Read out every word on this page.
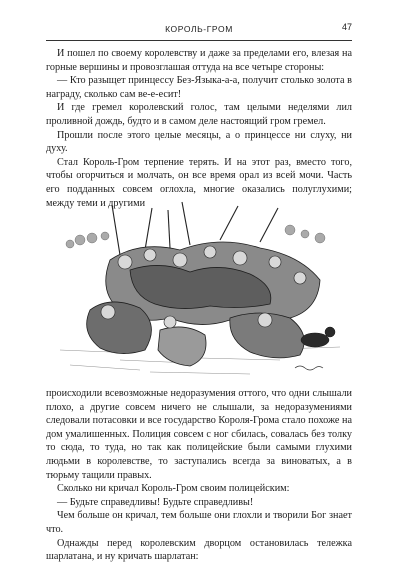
КОРОЛЬ-ГРОМ	47

И пошел по своему королевству и даже за пределами его, влезая на горные вершины и провозглашая оттуда на все четыре стороны:

— Кто разыщет принцессу Без-Языка-а-а, получит столько золота в награду, сколько сам ве-е-есит!

И где гремел королевский голос, там целыми неделями лил проливной дождь, будто и в самом деле настоящий гром гремел.

Прошли после этого целые месяцы, а о принцессе ни слуху, ни духу.

Стал Король-Гром терпение терять. И на этот раз, вместо того, чтобы огорчиться и молчать, он все время орал из всей мочи. Часть его подданных совсем оглохла, многие оказались полуглухими; между теми и другими

происходили всевозможные недоразумения оттого, что одни слышали плохо, а другие совсем ничего не слышали, за недоразумениями следовали потасовки и все государство Короля-Грома стало похоже на дом умалишенных. Полиция совсем с ног сбилась, совалась без толку то сюда, то туда, но так как полицейские были самыми глухими людьми в королевстве, то заступались всегда за виноватых, а в тюрьму тащили правых.

Сколько ни кричал Король-Гром своим полицейским:

— Будьте справедливы! Будьте справедливы!

Чем больше он кричал, тем больше они глохли и творили Бог знает что.

Однажды перед королевским дворцом остановилась тележка шарлатана, и ну кричать шарлатан:
